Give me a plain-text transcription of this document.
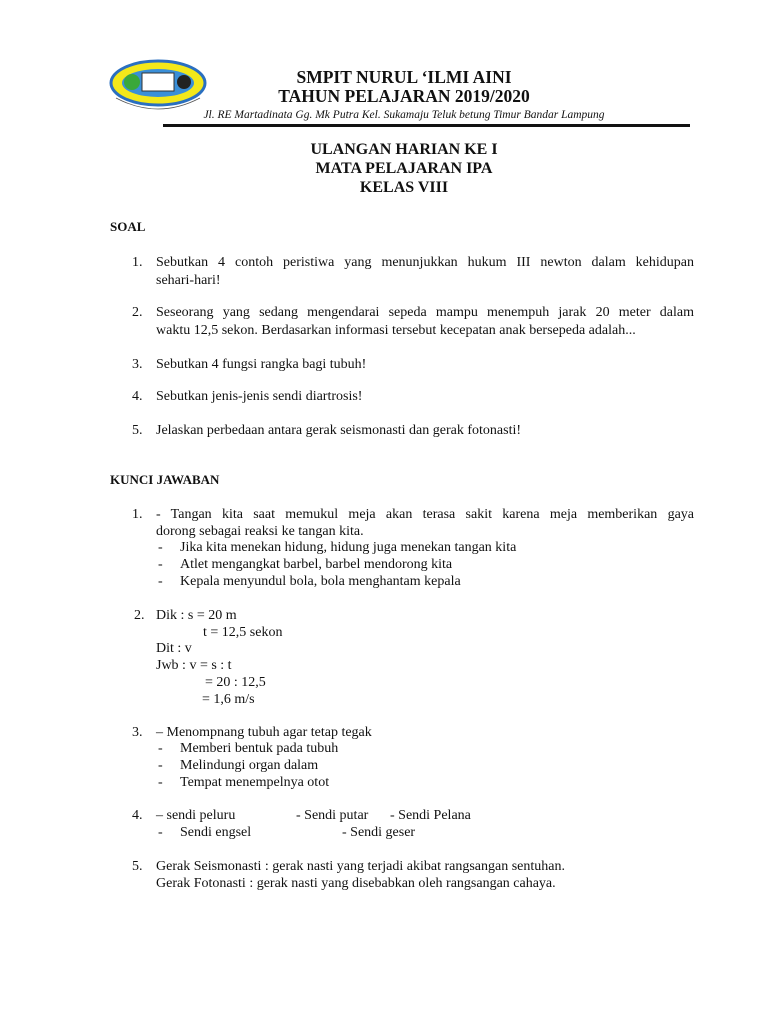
SMPIT NURUL ‘ILMI AINI
TAHUN PELAJARAN 2019/2020
Jl. RE Martadinata Gg. Mk Putra Kel. Sukamaju Teluk betung Timur Bandar Lampung
ULANGAN HARIAN KE I
MATA PELAJARAN IPA
KELAS VIII
SOAL
1. Sebutkan 4 contoh peristiwa yang menunjukkan hukum III newton dalam kehidupan
sehari-hari!
2. Seseorang yang sedang mengendarai sepeda mampu menempuh jarak 20 meter dalam
waktu 12,5 sekon. Berdasarkan informasi tersebut kecepatan anak bersepeda adalah...
3. Sebutkan 4 fungsi rangka bagi tubuh!
4. Sebutkan jenis-jenis sendi diartrosis!
5. Jelaskan perbedaan antara gerak seismonasti dan gerak fotonasti!
KUNCI JAWABAN
1. - Tangan kita saat memukul meja akan terasa sakit karena meja memberikan gaya
dorong sebagai reaksi ke tangan kita.
- Jika kita menekan hidung, hidung juga menekan tangan kita
- Atlet mengangkat barbel, barbel mendorong kita
- Kepala menyundul bola, bola menghantam kepala
2. Dik : s = 20 m
t = 12,5 sekon
Dit : v
Jwb : v = s : t
= 20 : 12,5
= 1,6 m/s
3. – Menompnang tubuh agar tetap tegak
- Memberi bentuk pada tubuh
- Melindungi organ dalam
- Tempat menempelnya otot
4. – sendi peluru	- Sendi putar - Sendi Pelana
- Sendi engsel	- Sendi geser
5. Gerak Seismonasti : gerak nasti yang terjadi akibat rangsangan sentuhan.
Gerak Fotonasti : gerak nasti yang disebabkan oleh rangsangan cahaya.
